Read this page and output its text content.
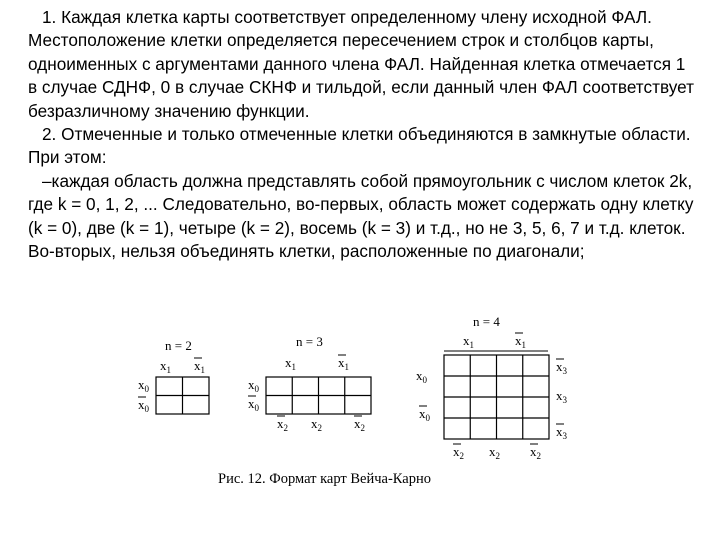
1. Каждая клетка карты соответствует определенному члену исходной ФАЛ. Местоположение клетки определяется пересечением строк и столбцов карты, одноименных с аргументами данного члена ФАЛ. Найденная клетка отмечается 1 в случае СДНФ, 0 в случае СКНФ и тильдой, если данный член ФАЛ соответствует безразличному значению функции.

2. Отмеченные и только отмеченные клетки объединяются в замкнутые области. При этом:

–каждая область должна представлять собой прямоугольник с числом клеток 2k, где k = 0, 1, 2, ... Следовательно, во-первых, область может содержать одну клетку (k = 0), две (k = 1), четыре (k = 2), восемь (k = 3) и т.д., но не 3, 5, 6, 7 и т.д. клеток. Во-вторых, нельзя объединять клетки, расположенные по диагонали;

n = 2
$x_1$ $x_1$
$x_0$
$x_0$
n = 3
$x_1$	$x_1$
$x_0$
$x_0$
$x_2$ $x_2$ $x_2$
n = 4
$x_1$	$x_1$
$x_0$
$x_0$
$x_3$
$x_3$
$x_3$
$x_2$ $x_2$ $x_2$
Рис. 12. Формат карт Вейча-Карно
